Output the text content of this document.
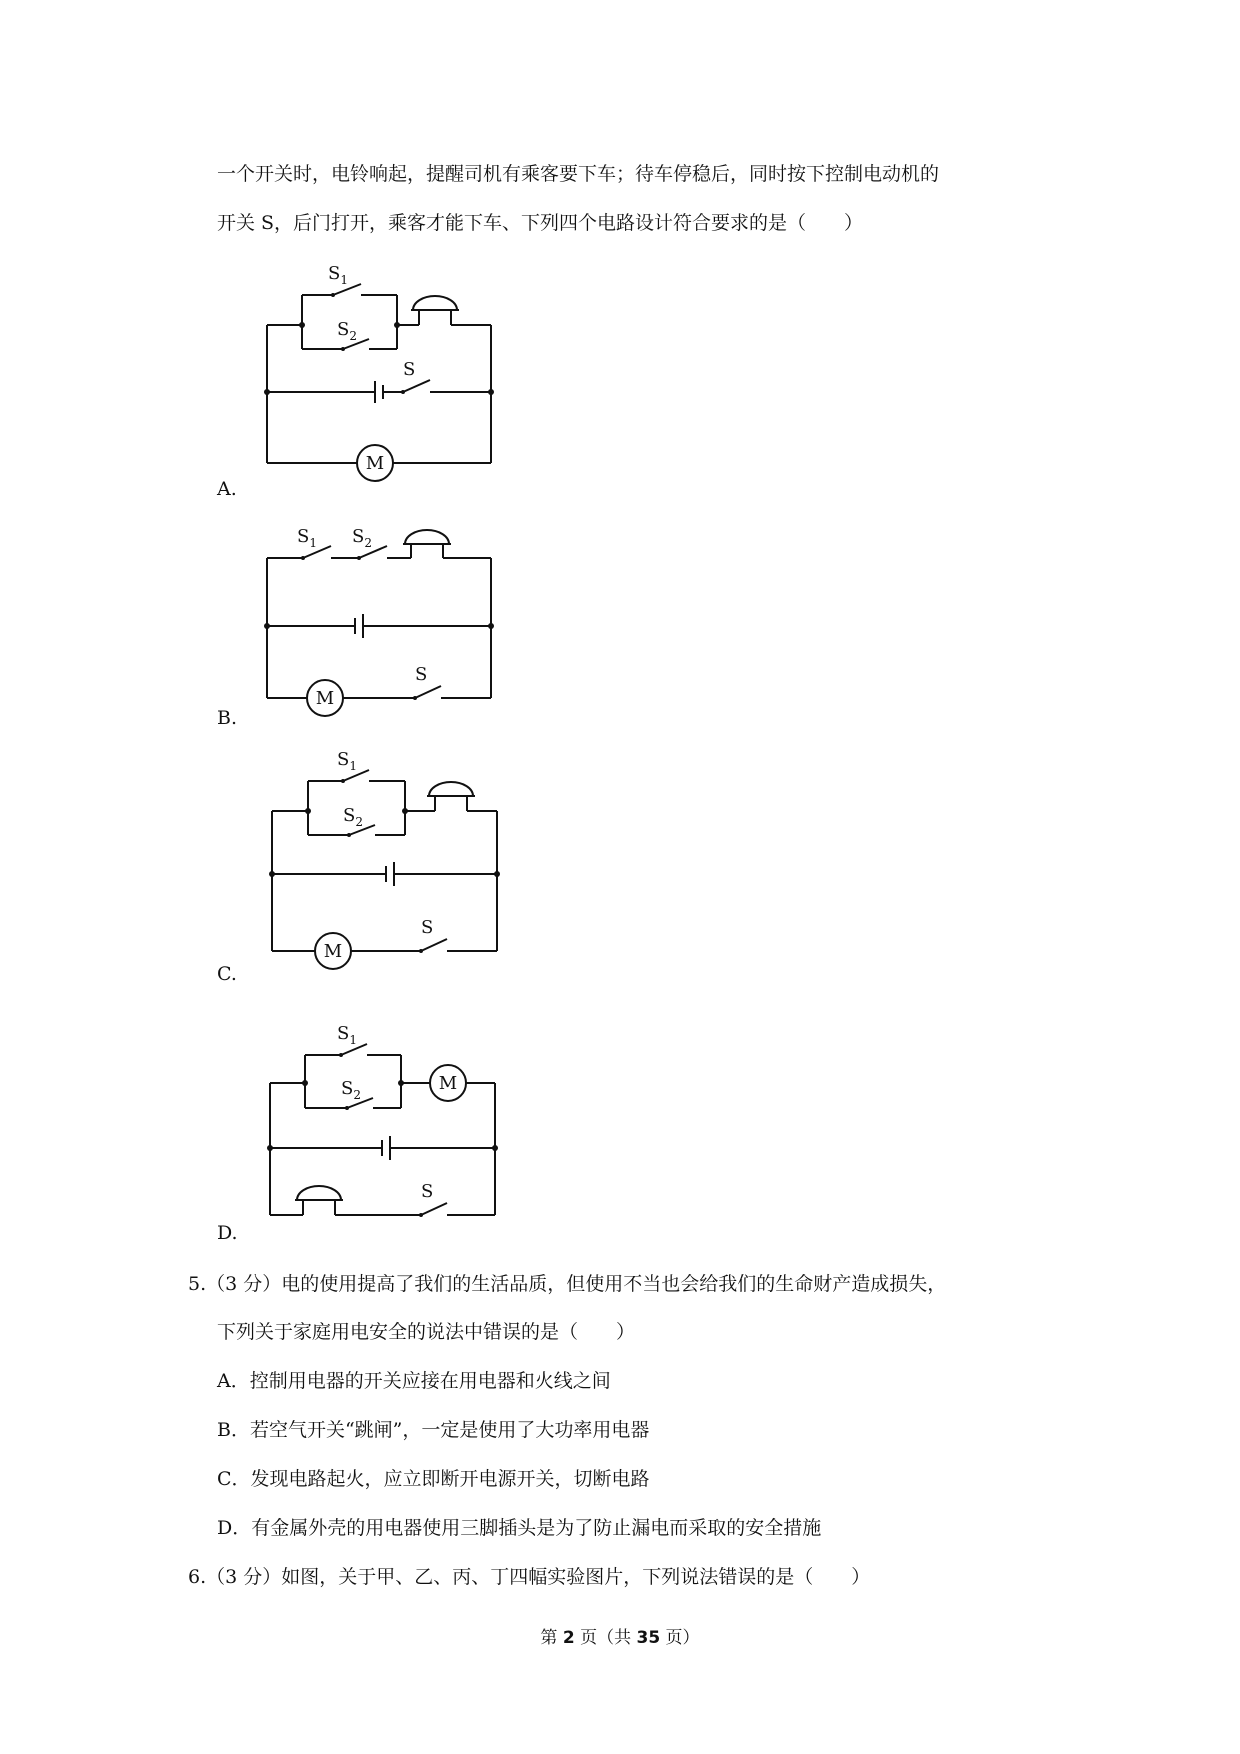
一个开关时，电铃响起，提醒司机有乘客要下车；待车停稳后，同时按下控制电动机的
开关 S，后门打开，乘客才能下车、下列四个电路设计符合要求的是（　　）
$S_1$
$S_2$
S
M
A.
$S_1$ $S_2$
S
M
B.
$S_1$
$S_2$
S
M
C.
$S_1$
$S_2$
S
M
D.
5.（3 分）电的使用提高了我们的生活品质，但使用不当也会给我们的生命财产造成损失，
下列关于家庭用电安全的说法中错误的是（　　）
A．控制用电器的开关应接在用电器和火线之间
B．若空气开关“跳闸”，一定是使用了大功率用电器
C．发现电路起火，应立即断开电源开关，切断电路
D．有金属外壳的用电器使用三脚插头是为了防止漏电而采取的安全措施
6.（3 分）如图，关于甲、乙、丙、丁四幅实验图片，下列说法错误的是（　　）
第 2 页（共 35 页）
